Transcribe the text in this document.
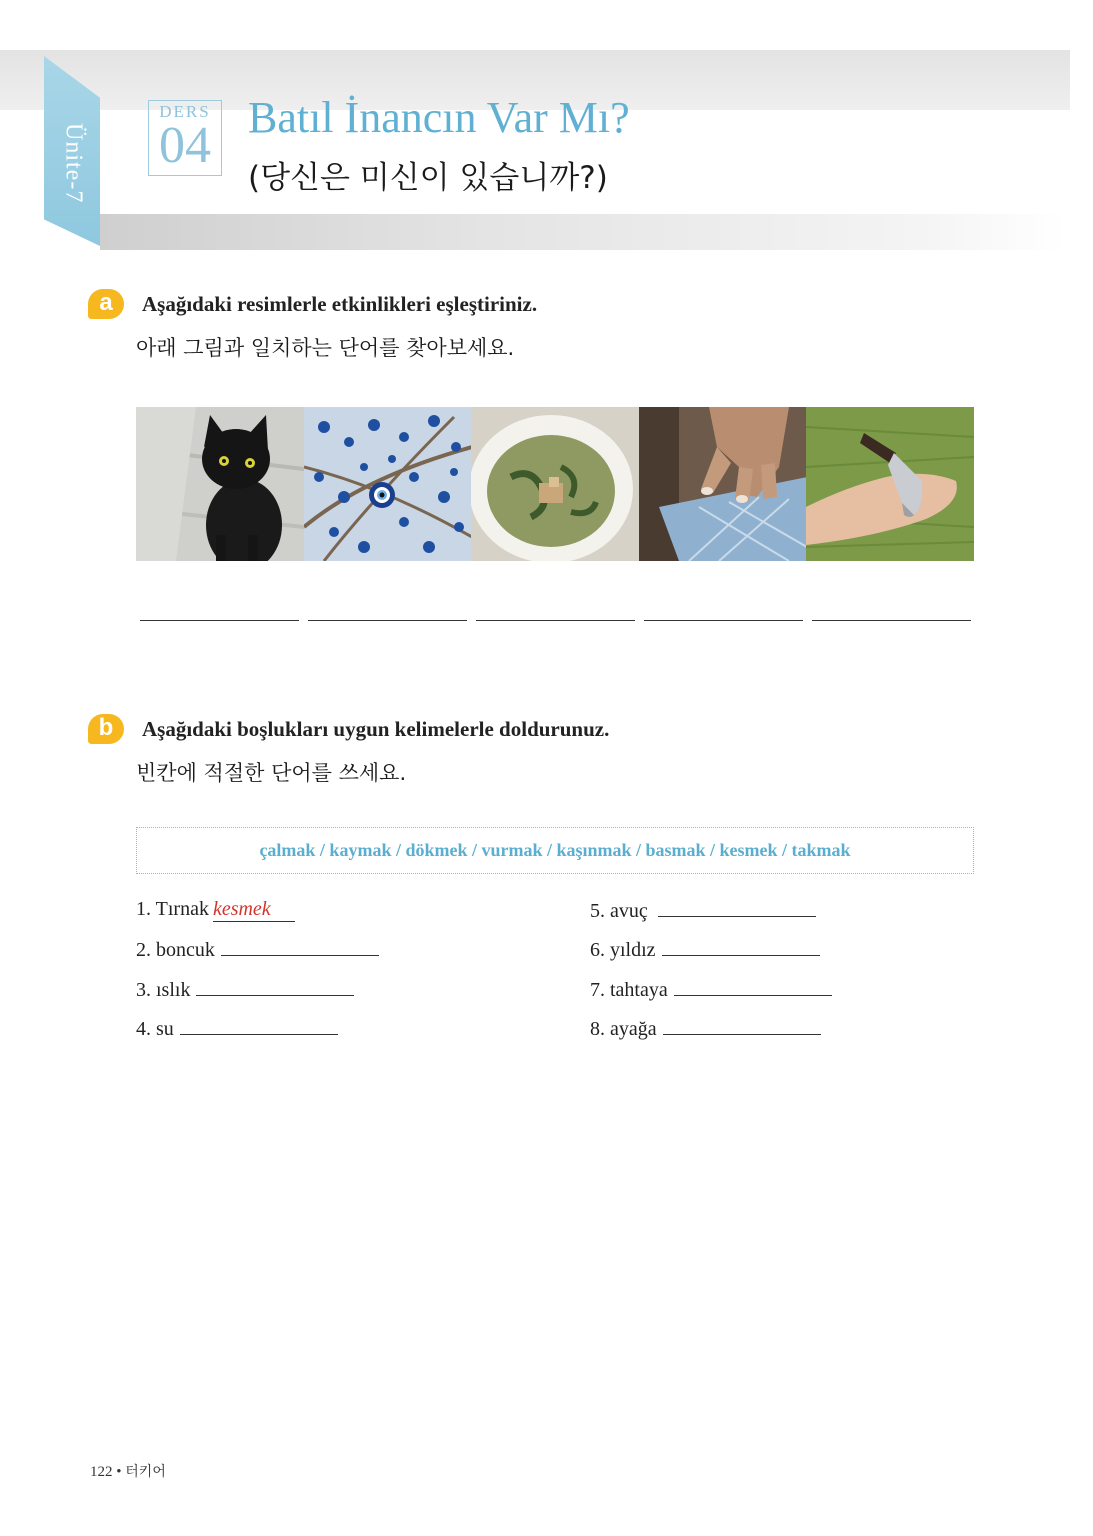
Ünite-7
DERS
04 Batıl İnancın Var Mı?
(당신은 미신이 있습니까?)
a	Aşağıdaki resimlerle etkinlikleri eşleştiriniz.
아래 그림과 일치하는 단어를 찾아보세요.
b	Aşağıdaki boşlukları uygun kelimelerle doldurunuz.
빈칸에 적절한 단어를 쓰세요.
çalmak / kaymak / dökmek / vurmak / kaşınmak / basmak / kesmek / takmak
1. Tırnak kesmek
2. boncuk
3. ıslık
4. su
5. avuç
6. yıldız
7. tahtaya
8. ayağa
122 • 터키어
